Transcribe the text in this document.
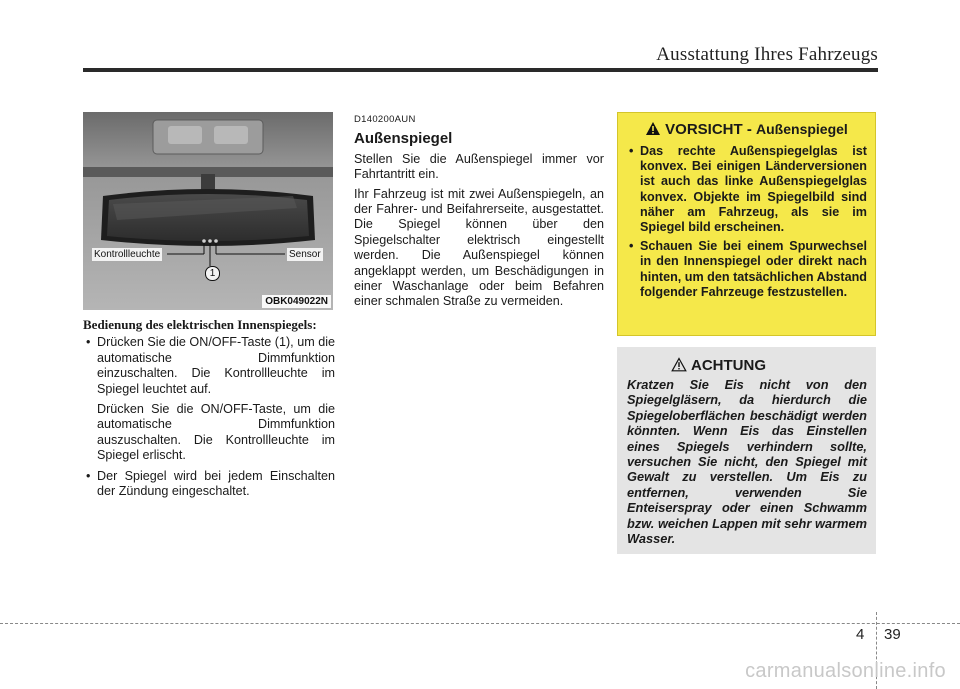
Ausstattung Ihres Fahrzeugs
Kontrollleuchte	Sensor
1
OBK049022N
Bedienung des elektrischen Innenspiegels:
• Drücken Sie die ON/OFF-Taste (1), um die automatische Dimmfunktion einzuschalten. Die Kontrollleuchte im Spiegel leuchtet auf.
Drücken Sie die ON/OFF-Taste, um die automatische Dimmfunktion auszuschalten. Die Kontrollleuchte im Spiegel erlischt.
• Der Spiegel wird bei jedem Einschalten der Zündung eingeschaltet.
D140200AUN
Außenspiegel

Stellen Sie die Außenspiegel immer vor Fahrtantritt ein.

Ihr Fahrzeug ist mit zwei Außenspiegeln, an der Fahrer- und Beifahrerseite, ausgestattet. Die Spiegel können über den Spiegelschalter elektrisch eingestellt werden. Die Außenspiegel können angeklappt werden, um Beschädigungen in einer Waschanlage oder beim Befahren einer schmalen Straße zu vermeiden.

VORSICHT - Außenspiegel
• Das rechte Außenspiegelglas ist konvex. Bei einigen Länderversionen ist auch das linke Außenspiegelglas konvex. Objekte im Spiegelbild sind näher am Fahrzeug, als sie im Spiegel bild erscheinen.
• Schauen Sie bei einem Spurwechsel in den Innenspiegel oder direkt nach hinten, um den tatsächlichen Abstand folgender Fahrzeuge festzustellen.
ACHTUNG
Kratzen Sie Eis nicht von den Spiegelgläsern, da hierdurch die Spiegeloberflächen beschädigt werden könnten. Wenn Eis das Einstellen eines Spiegels verhindern sollte, versuchen Sie nicht, den Spiegel mit Gewalt zu verstellen. Um Eis zu entfernen, verwenden Sie Enteiserspray oder einen Schwamm bzw. weichen Lappen mit sehr warmem Wasser.
4 39
carmanualsonline.info
